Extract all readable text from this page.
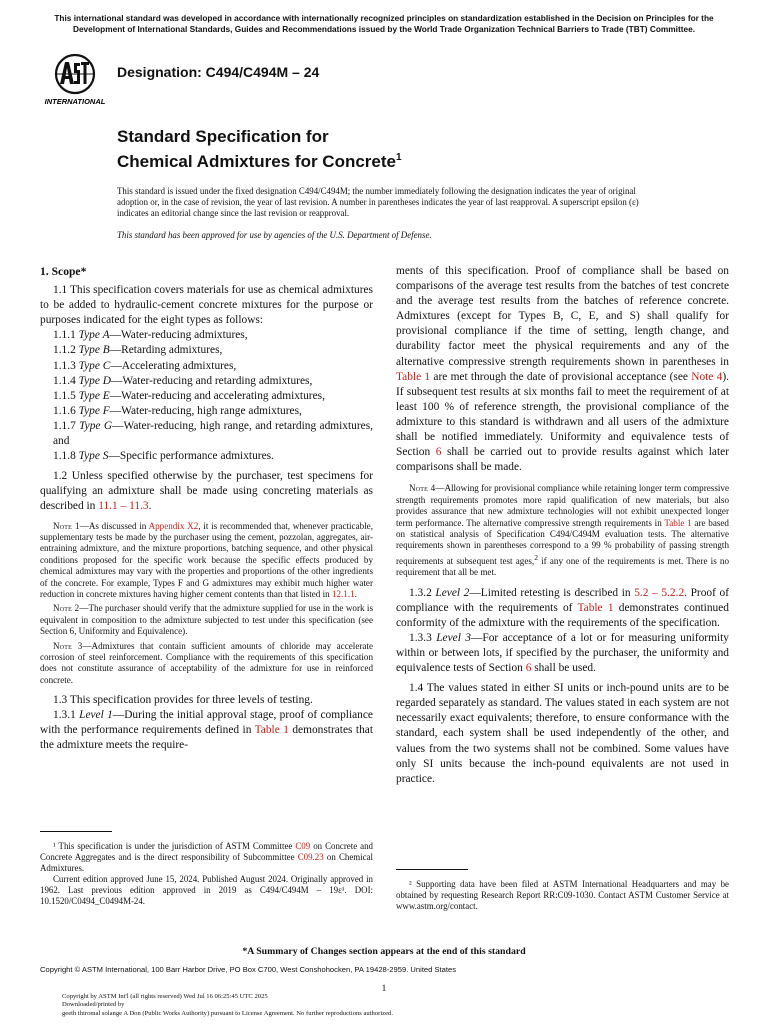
This international standard was developed in accordance with internationally recognized principles on standardization established in the Decision on Principles for the Development of International Standards, Guides and Recommendations issued by the World Trade Organization Technical Barriers to Trade (TBT) Committee.
INTERNATIONAL
Designation: C494/C494M – 24
Standard Specification for
Chemical Admixtures for Concrete$^1$
This standard is issued under the fixed designation C494/C494M; the number immediately following the designation indicates the year of original adoption or, in the case of revision, the year of last revision. A number in parentheses indicates the year of last reapproval. A superscript epsilon (ε) indicates an editorial change since the last revision or reapproval.
This standard has been approved for use by agencies of the U.S. Department of Defense.

1. Scope*

1.1 This specification covers materials for use as chemical admixtures to be added to hydraulic-cement concrete mixtures for the purpose or purposes indicated for the eight types as follows:

1.1.1 Type A—Water-reducing admixtures,

1.1.2 Type B—Retarding admixtures,

1.1.3 Type C—Accelerating admixtures,

1.1.4 Type D—Water-reducing and retarding admixtures,

1.1.5 Type E—Water-reducing and accelerating admixtures,

1.1.6 Type F—Water-reducing, high range admixtures,

1.1.7 Type G—Water-reducing, high range, and retarding admixtures, and

1.1.8 Type S—Specific performance admixtures.

1.2 Unless specified otherwise by the purchaser, test specimens for qualifying an admixture shall be made using concreting materials as described in 11.1 – 11.3.

Note 1—As discussed in Appendix X2, it is recommended that, whenever practicable, supplementary tests be made by the purchaser using the cement, pozzolan, aggregates, air-entraining admixture, and the mixture proportions, batching sequence, and other physical conditions proposed for the specific work because the specific effects produced by chemical admixtures may vary with the properties and proportions of the other ingredients of the concrete. For example, Types F and G admixtures may exhibit much higher water reduction in concrete mixtures having higher cement contents than that listed in 12.1.1.

Note 2—The purchaser should verify that the admixture supplied for use in the work is equivalent in composition to the admixture subjected to test under this specification (see Section 6, Uniformity and Equivalence).

Note 3—Admixtures that contain sufficient amounts of chloride may accelerate corrosion of steel reinforcement. Compliance with the requirements of this specification does not constitute assurance of acceptability of the admixture for use in reinforced concrete.

1.3 This specification provides for three levels of testing.

1.3.1 Level 1—During the initial approval stage, proof of compliance with the performance requirements defined in Table 1 demonstrates that the admixture meets the require-

¹ This specification is under the jurisdiction of ASTM Committee C09 on Concrete and Concrete Aggregates and is the direct responsibility of Subcommittee C09.23 on Chemical Admixtures.

Current edition approved June 15, 2024. Published August 2024. Originally approved in 1962. Last previous edition approved in 2019 as C494/C494M – 19ε¹. DOI: 10.1520/C0494_C0494M-24.

ments of this specification. Proof of compliance shall be based on comparisons of the average test results from the batches of test concrete and the average test results from the batches of reference concrete. Admixtures (except for Types B, C, E, and S) shall qualify for provisional compliance if the time of setting, length change, and durability factor meet the physical requirements and any of the alternative compressive strength requirements shown in parentheses in Table 1 are met through the date of provisional acceptance (see Note 4). If subsequent test results at six months fail to meet the requirement of at least 100 % of reference strength, the provisional compliance of the admixture to this standard is withdrawn and all users of the admixture shall be notified immediately. Uniformity and equivalence tests of Section 6 shall be carried out to provide results against which later comparisons shall be made.

Note 4—Allowing for provisional compliance while retaining longer term compressive strength requirements promotes more rapid qualification of new materials, but also provides assurance that new admixture technologies will not exhibit unexpected longer term performance. The alternative compressive strength requirements in Table 1 are based on statistical analysis of Specification C494/C494M evaluation tests. The alternative requirements shown in parentheses correspond to a 99 % probability of passing strength requirements at subsequent test ages,$^2$ if any one of the requirements is met. There is no requirement that all be met.

1.3.2 Level 2—Limited retesting is described in 5.2 – 5.2.2. Proof of compliance with the requirements of Table 1 demonstrates continued conformity of the admixture with the requirements of the specification.

1.3.3 Level 3—For acceptance of a lot or for measuring uniformity within or between lots, if specified by the purchaser, the uniformity and equivalence tests of Section 6 shall be used.

1.4 The values stated in either SI units or inch-pound units are to be regarded separately as standard. The values stated in each system are not necessarily exact equivalents; therefore, to ensure conformance with the standard, each system shall be used independently of the other, and values from the two systems shall not be combined. Some values have only SI units because the inch-pound equivalents are not used in practice.

² Supporting data have been filed at ASTM International Headquarters and may be obtained by requesting Research Report RR:C09-1030. Contact ASTM Customer Service at www.astm.org/contact.

*A Summary of Changes section appears at the end of this standard
Copyright © ASTM International, 100 Barr Harbor Drive, PO Box C700, West Conshohocken, PA 19428-2959. United States
1
Copyright by ASTM Int'l (all rights reserved) Wed Jul 16 06:25:45 UTC 2025
Downloaded/printed by
geeth thiromal solange A Don (Public Works Authority) pursuant to License Agreement. No further reproductions authorized.
